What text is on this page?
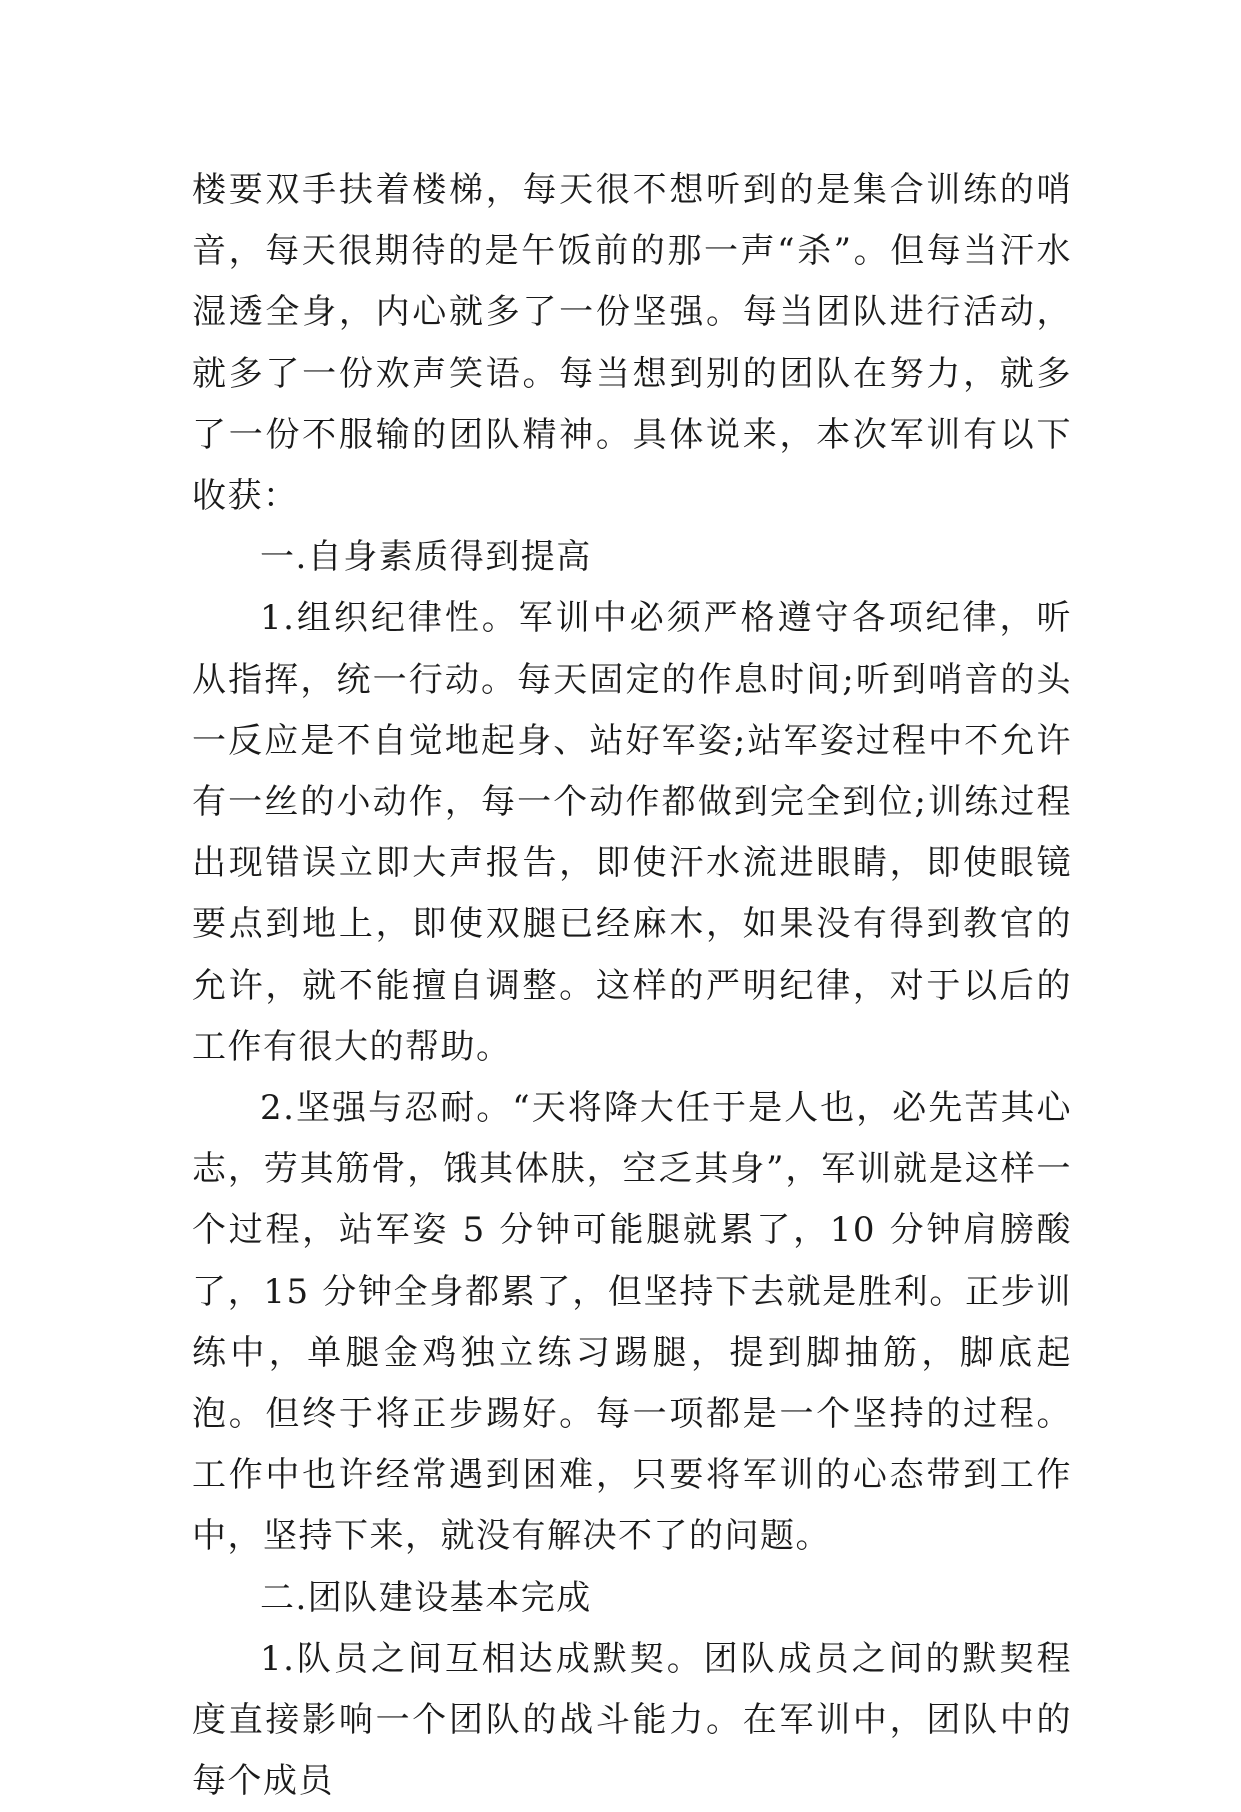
楼要双手扶着楼梯，每天很不想听到的是集合训练的哨音，每天很期待的是午饭前的那一声“杀”。但每当汗水湿透全身，内心就多了一份坚强。每当团队进行活动，就多了一份欢声笑语。每当想到别的团队在努力，就多了一份不服输的团队精神。具体说来，本次军训有以下收获：

一.自身素质得到提高

1.组织纪律性。军训中必须严格遵守各项纪律，听从指挥，统一行动。每天固定的作息时间;听到哨音的头一反应是不自觉地起身、站好军姿;站军姿过程中不允许有一丝的小动作，每一个动作都做到完全到位;训练过程出现错误立即大声报告，即使汗水流进眼睛，即使眼镜要点到地上，即使双腿已经麻木，如果没有得到教官的允许，就不能擅自调整。这样的严明纪律，对于以后的工作有很大的帮助。

2.坚强与忍耐。“天将降大任于是人也，必先苦其心志，劳其筋骨，饿其体肤，空乏其身”，军训就是这样一个过程，站军姿 5 分钟可能腿就累了，10 分钟肩膀酸了，15 分钟全身都累了，但坚持下去就是胜利。正步训练中，单腿金鸡独立练习踢腿，提到脚抽筋，脚底起泡。但终于将正步踢好。每一项都是一个坚持的过程。工作中也许经常遇到困难，只要将军训的心态带到工作中，坚持下来，就没有解决不了的问题。

二.团队建设基本完成

1.队员之间互相达成默契。团队成员之间的默契程度直接影响一个团队的战斗能力。在军训中，团队中的每个成员
